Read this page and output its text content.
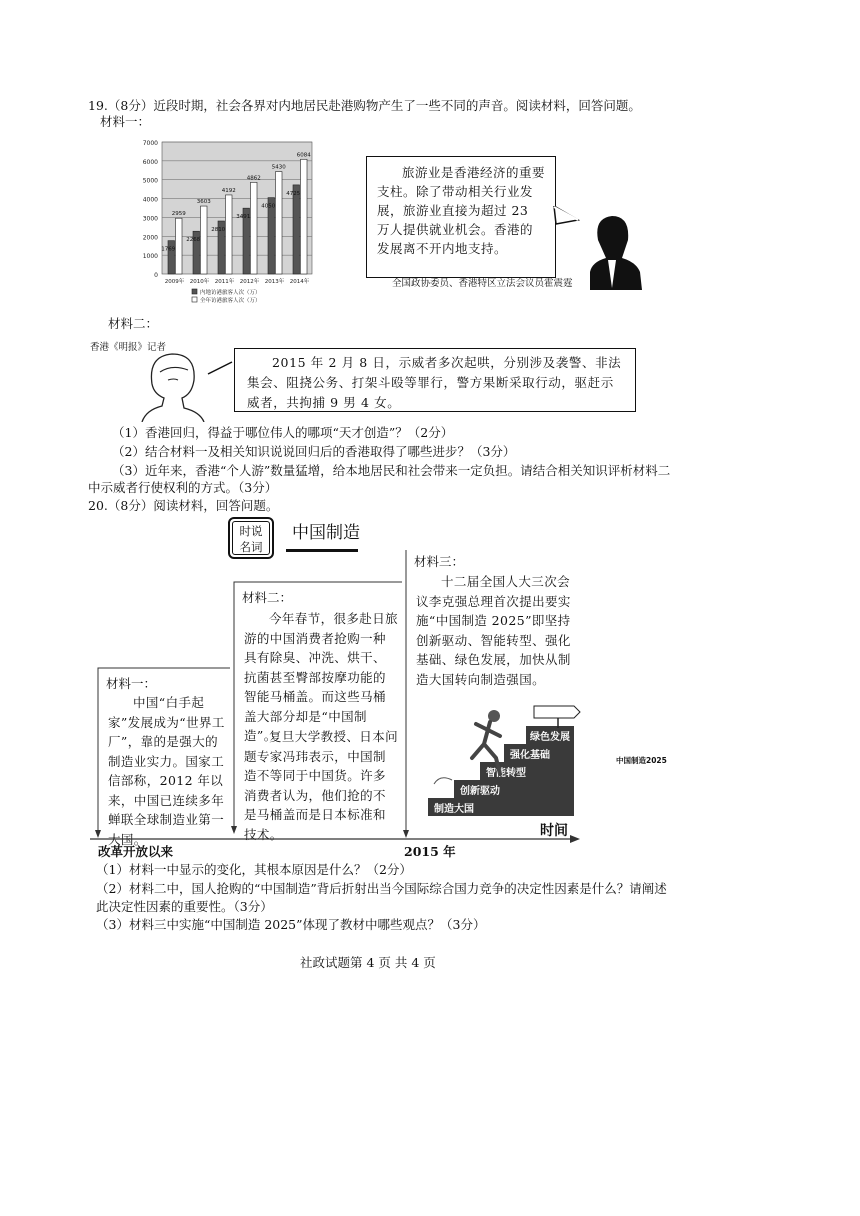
19.（8分）近段时期，社会各界对内地居民赴港购物产生了一些不同的声音。阅读材料，回答问题。
材料一：
0
1000
2000
3000
4000
5000
6000
7000
1769
2959
2268
3603
2810
4192
3491
4862
4050
5430
4725
6084
2009年 2010年 2011年 2012年 2013年 2014年
内地访港旅客人次（万）
全年访港旅客人次（万）
旅游业是香港经济的重要支柱。除了带动相关行业发展，旅游业直接为超过 23 万人提供就业机会。香港的发展离不开内地支持。
全国政协委员、香港特区立法会议员霍震霆
材料二：
香港《明报》记者
2015 年 2 月 8 日，示威者多次起哄，分别涉及袭警、非法集会、阻挠公务、打架斗殴等罪行，警方果断采取行动，驱赶示威者，共拘捕 9 男 4 女。
（1）香港回归，得益于哪位伟人的哪项“天才创造”？（2分）
（2）结合材料一及相关知识说说回归后的香港取得了哪些进步？（3分）
（3）近年来，香港“个人游”数量猛增，给本地居民和社会带来一定负担。请结合相关知识评析材料二
中示威者行使权利的方式。（3分）
20.（8分）阅读材料，回答问题。
时说
名词
中国制造
材料一：
中国“白手起家”发展成为“世界工厂”，靠的是强大的制造业实力。国家工信部称，2012 年以来，中国已连续多年蝉联全球制造业第一大国。
材料二：
今年春节，很多赴日旅游的中国消费者抢购一种具有除臭、冲洗、烘干、抗菌甚至臀部按摩功能的智能马桶盖。而这些马桶盖大部分却是“中国制造”。
复旦大学教授、日本问题专家冯玮表示，中国制造不等同于中国货。许多消费者认为，他们抢的不是马桶盖而是日本标准和技术。
材料三：
十二届全国人大三次会议李克强总理首次提出要实施“中国制造 2025”即坚持创新驱动、智能转型、强化基础、绿色发展，加快从制造大国转向制造强国。
制造大国
创新驱动
智能转型
强化基础
绿色发展
中国制造2025
时间
改革开放以来	2015 年
（1）材料一中显示的变化，其根本原因是什么？（2分）
（2）材料二中，国人抢购的“中国制造”背后折射出当今国际综合国力竞争的决定性因素是什么？请阐述
此决定性因素的重要性。（3分）
（3）材料三中实施“中国制造 2025”体现了教材中哪些观点？（3分）
社政试题第 4 页 共 4 页
